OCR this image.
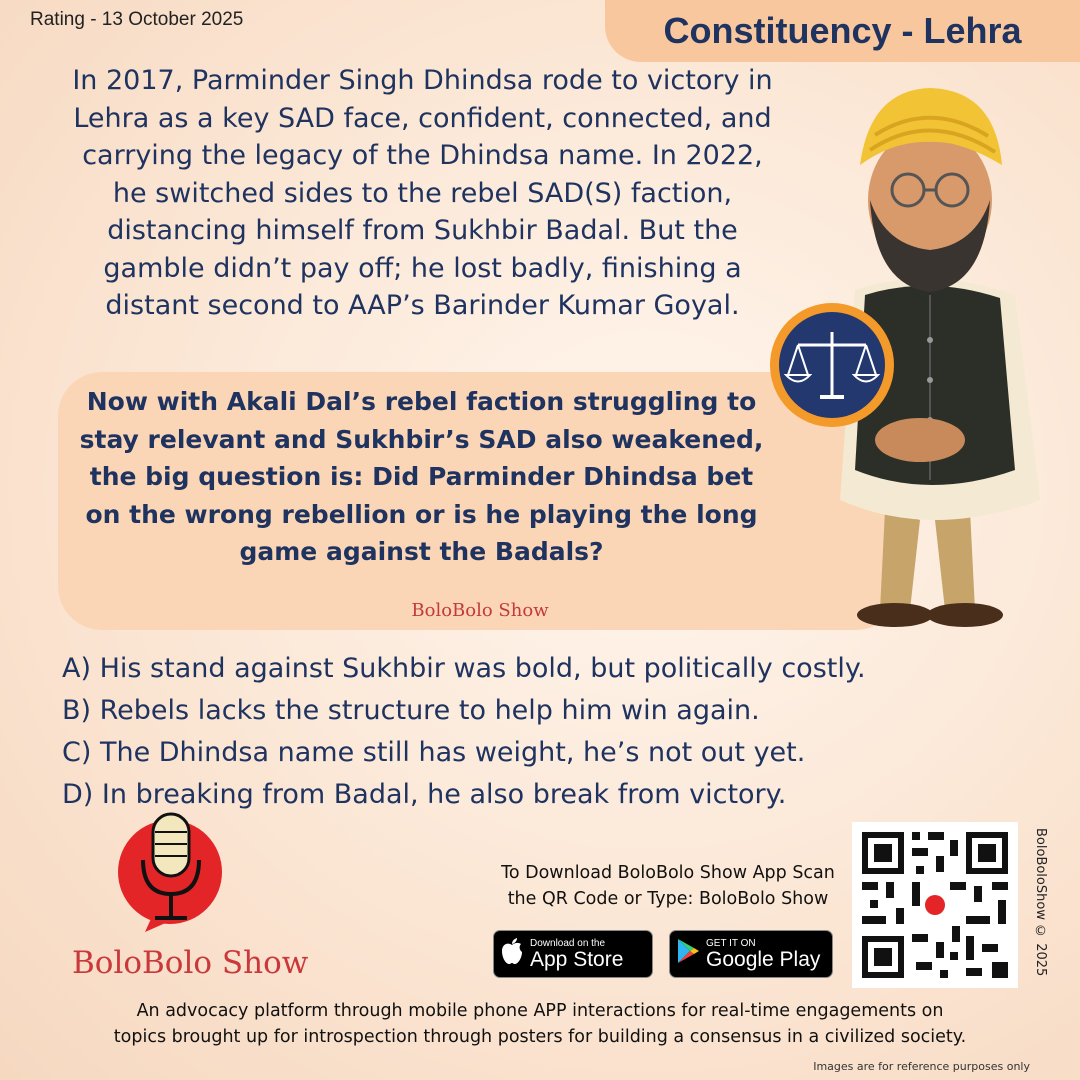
Rating - 13 October 2025	Constituency - Lehra
In 2017, Parminder Singh Dhindsa rode to victory in
Lehra as a key SAD face, confident, connected, and
carrying the legacy of the Dhindsa name. In 2022,
he switched sides to the rebel SAD(S) faction,
distancing himself from Sukhbir Badal. But the
gamble didn’t pay off; he lost badly, finishing a
distant second to AAP’s Barinder Kumar Goyal.
Now with Akali Dal’s rebel faction struggling to
stay relevant and Sukhbir’s SAD also weakened,
the big question is: Did Parminder Dhindsa bet
on the wrong rebellion or is he playing the long
game against the Badals?
BoloBolo Show
A) His stand against Sukhbir was bold, but politically costly.
B) Rebels lacks the structure to help him win again.
C) The Dhindsa name still has weight, he’s not out yet.
D) In breaking from Badal, he also break from victory.
BoloBolo Show
To Download BoloBolo Show App Scan
the QR Code or Type: BoloBolo Show
Download on the
App Store
GET IT ON
Google Play	BoloBoloShow © 2025
An advocacy platform through mobile phone APP interactions for real-time engagements on
topics brought up for introspection through posters for building a consensus in a civilized society.
Images are for reference purposes only
